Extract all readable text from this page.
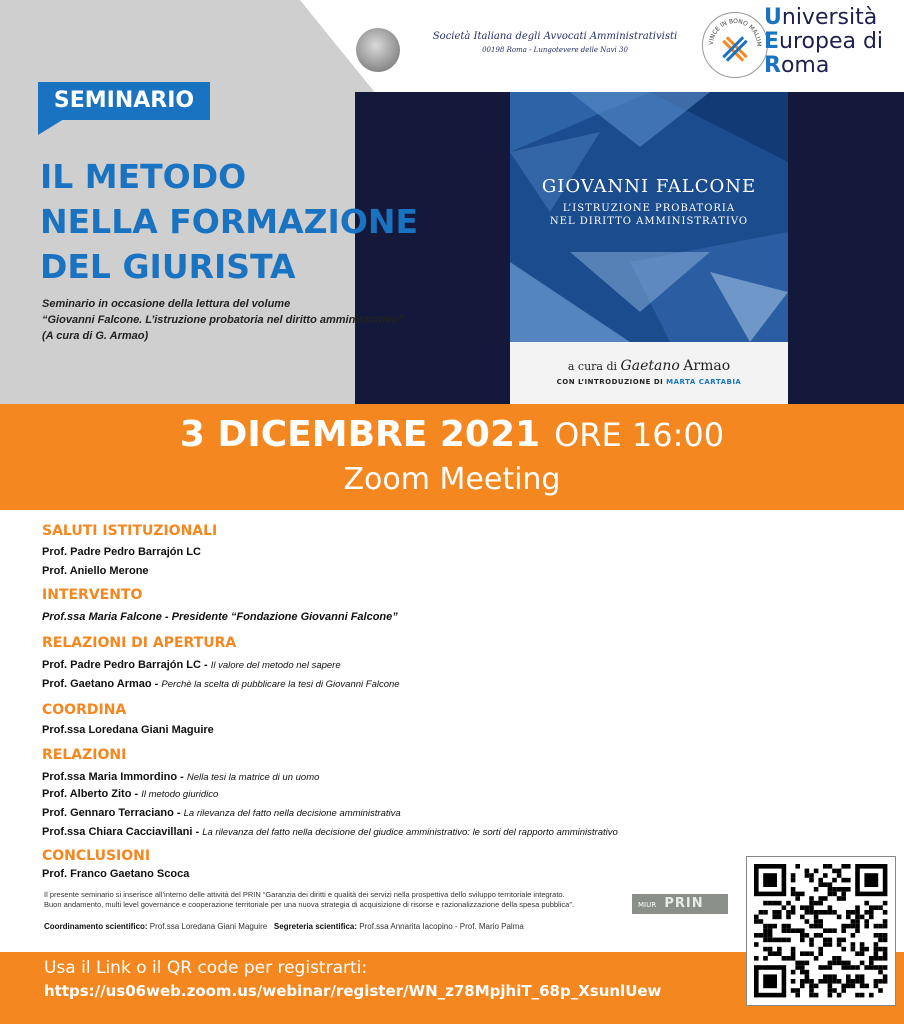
SEMINARIO
IL METODO
NELLA FORMAZIONE
DEL GIURISTA

Seminario in occasione della lettura del volume
“Giovanni Falcone. L’istruzione probatoria nel diritto amministrativo”
(A cura di G. Armao)

Società Italiana degli Avvocati Amministrativisti
00198 Roma - Lungotevere delle Navi 30
VINCE IN BONO MALUM
Università
Europea di
Roma
GIOVANNI FALCONE
L’ISTRUZIONE PROBATORIA
NEL DIRITTO AMMINISTRATIVO
a cura di Gaetano Armao
CON L’INTRODUZIONE DI MARTA CARTABIA
3 DICEMBRE 2021 ORE 16:00
Zoom Meeting
SALUTI ISTITUZIONALI
Prof. Padre Pedro Barrajón LC
Prof. Aniello Merone
INTERVENTO
Prof.ssa Maria Falcone - Presidente “Fondazione Giovanni Falcone”
RELAZIONI DI APERTURA
Prof. Padre Pedro Barrajón LC - Il valore del metodo nel sapere
Prof. Gaetano Armao - Perchè la scelta di pubblicare la tesi di Giovanni Falcone
COORDINA
Prof.ssa Loredana Giani Maguire
RELAZIONI
Prof.ssa Maria Immordino - Nella tesi la matrice di un uomo
Prof. Alberto Zito - Il metodo giuridico
Prof. Gennaro Terraciano - La rilevanza del fatto nella decisione amministrativa
Prof.ssa Chiara Cacciavillani - La rilevanza del fatto nella decisione del giudice amministrativo: le sorti del rapporto amministrativo
CONCLUSIONI
Prof. Franco Gaetano Scoca
Il presente seminario si inserisce all’interno delle attività del PRIN “Garanzia dei diritti e qualità dei servizi nella prospettiva dello sviluppo territoriale integrato.
Buon andamento, multi level governance e cooperazione territoriale per una nuova strategia di acquisizione di risorse e razionalizzazione della spesa pubblica”.	MIUR PRIN
Coordinamento scientifico: Prof.ssa Loredana Giani Maguire Segreteria scientifica: Prof.ssa Annarita Iacopino - Prof. Mario Palma
Usa il Link o il QR code per registrarti:
https://us06web.zoom.us/webinar/register/WN_z78MpjhiT_68p_XsunlUew
